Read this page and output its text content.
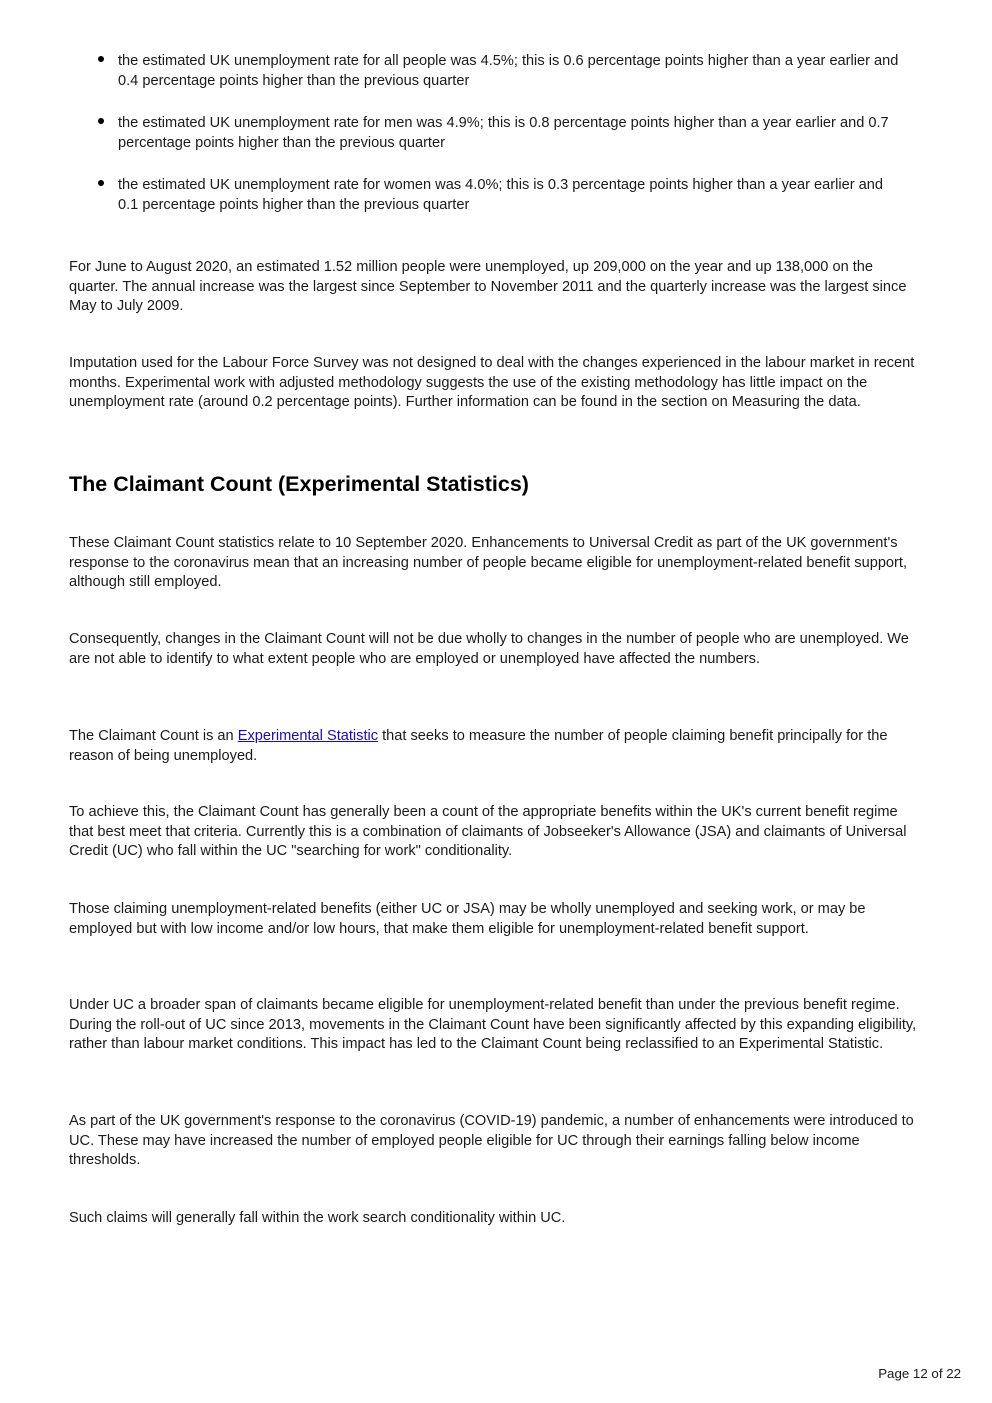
the estimated UK unemployment rate for all people was 4.5%; this is 0.6 percentage points higher than a year earlier and 0.4 percentage points higher than the previous quarter
the estimated UK unemployment rate for men was 4.9%; this is 0.8 percentage points higher than a year earlier and 0.7 percentage points higher than the previous quarter
the estimated UK unemployment rate for women was 4.0%; this is 0.3 percentage points higher than a year earlier and 0.1 percentage points higher than the previous quarter

For June to August 2020, an estimated 1.52 million people were unemployed, up 209,000 on the year and up 138,000 on the quarter. The annual increase was the largest since September to November 2011 and the quarterly increase was the largest since May to July 2009.

Imputation used for the Labour Force Survey was not designed to deal with the changes experienced in the labour market in recent months. Experimental work with adjusted methodology suggests the use of the existing methodology has little impact on the unemployment rate (around 0.2 percentage points). Further information can be found in the section on Measuring the data.

The Claimant Count (Experimental Statistics)

These Claimant Count statistics relate to 10 September 2020. Enhancements to Universal Credit as part of the UK government's response to the coronavirus mean that an increasing number of people became eligible for unemployment-related benefit support, although still employed.

Consequently, changes in the Claimant Count will not be due wholly to changes in the number of people who are unemployed. We are not able to identify to what extent people who are employed or unemployed have affected the numbers.

The Claimant Count is an Experimental Statistic that seeks to measure the number of people claiming benefit principally for the reason of being unemployed.

To achieve this, the Claimant Count has generally been a count of the appropriate benefits within the UK's current benefit regime that best meet that criteria. Currently this is a combination of claimants of Jobseeker's Allowance (JSA) and claimants of Universal Credit (UC) who fall within the UC "searching for work" conditionality.

Those claiming unemployment-related benefits (either UC or JSA) may be wholly unemployed and seeking work, or may be employed but with low income and/or low hours, that make them eligible for unemployment-related benefit support.

Under UC a broader span of claimants became eligible for unemployment-related benefit than under the previous benefit regime. During the roll-out of UC since 2013, movements in the Claimant Count have been significantly affected by this expanding eligibility, rather than labour market conditions. This impact has led to the Claimant Count being reclassified to an Experimental Statistic.

As part of the UK government's response to the coronavirus (COVID-19) pandemic, a number of enhancements were introduced to UC. These may have increased the number of employed people eligible for UC through their earnings falling below income thresholds.

Such claims will generally fall within the work search conditionality within UC.

Page 12 of 22
